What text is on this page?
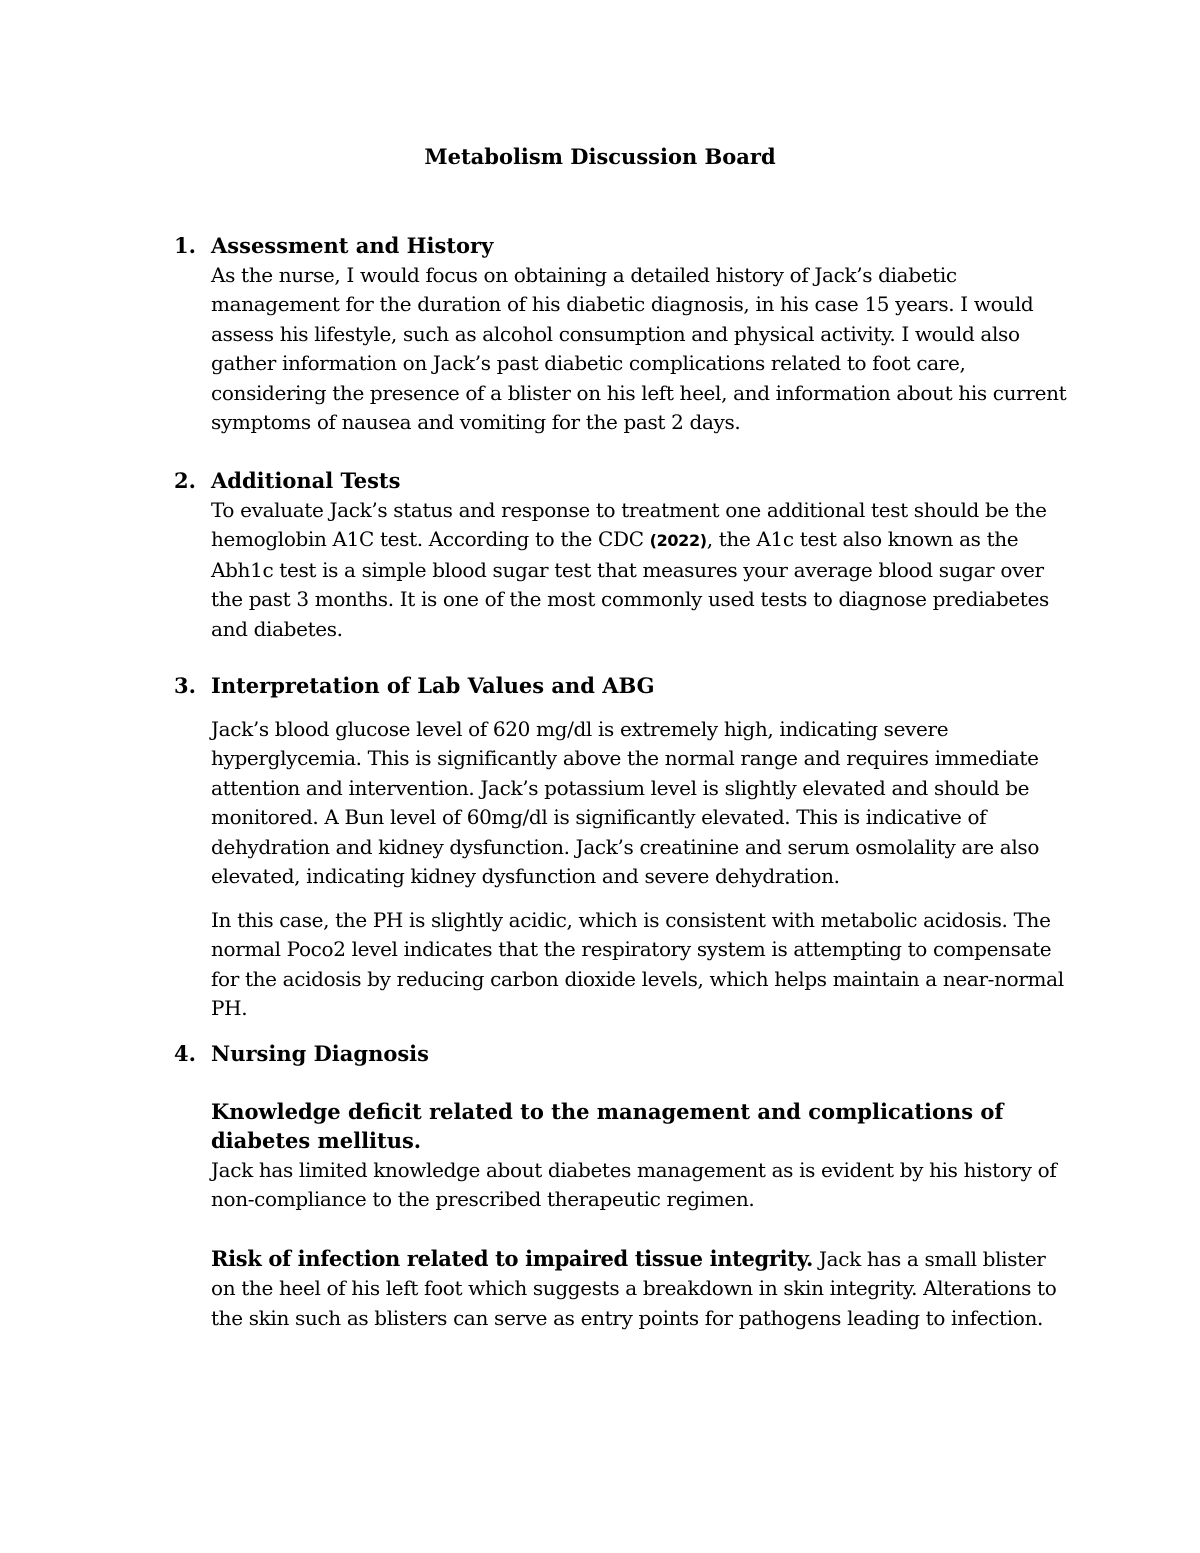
Metabolism Discussion Board
1. Assessment and History

As the nurse, I would focus on obtaining a detailed history of Jack’s diabetic management for the duration of his diabetic diagnosis, in his case 15 years. I would assess his lifestyle, such as alcohol consumption and physical activity. I would also gather information on Jack’s past diabetic complications related to foot care, considering the presence of a blister on his left heel, and information about his current symptoms of nausea and vomiting for the past 2 days.

2. Additional Tests

To evaluate Jack’s status and response to treatment one additional test should be the hemoglobin A1C test. According to the CDC (2022), the A1c test also known as the Abh1c test is a simple blood sugar test that measures your average blood sugar over the past 3 months. It is one of the most commonly used tests to diagnose prediabetes and diabetes.

3. Interpretation of Lab Values and ABG

Jack’s blood glucose level of 620 mg/dl is extremely high, indicating severe hyperglycemia. This is significantly above the normal range and requires immediate attention and intervention. Jack’s potassium level is slightly elevated and should be monitored. A Bun level of 60mg/dl is significantly elevated. This is indicative of dehydration and kidney dysfunction. Jack’s creatinine and serum osmolality are also elevated, indicating kidney dysfunction and severe dehydration.

In this case, the PH is slightly acidic, which is consistent with metabolic acidosis. The normal Poco2 level indicates that the respiratory system is attempting to compensate for the acidosis by reducing carbon dioxide levels, which helps maintain a near-normal PH.

4. Nursing Diagnosis

Knowledge deficit related to the management and complications of diabetes mellitus.

Jack has limited knowledge about diabetes management as is evident by his history of non-compliance to the prescribed therapeutic regimen.

Risk of infection related to impaired tissue integrity. Jack has a small blister on the heel of his left foot which suggests a breakdown in skin integrity. Alterations to the skin such as blisters can serve as entry points for pathogens leading to infection.
